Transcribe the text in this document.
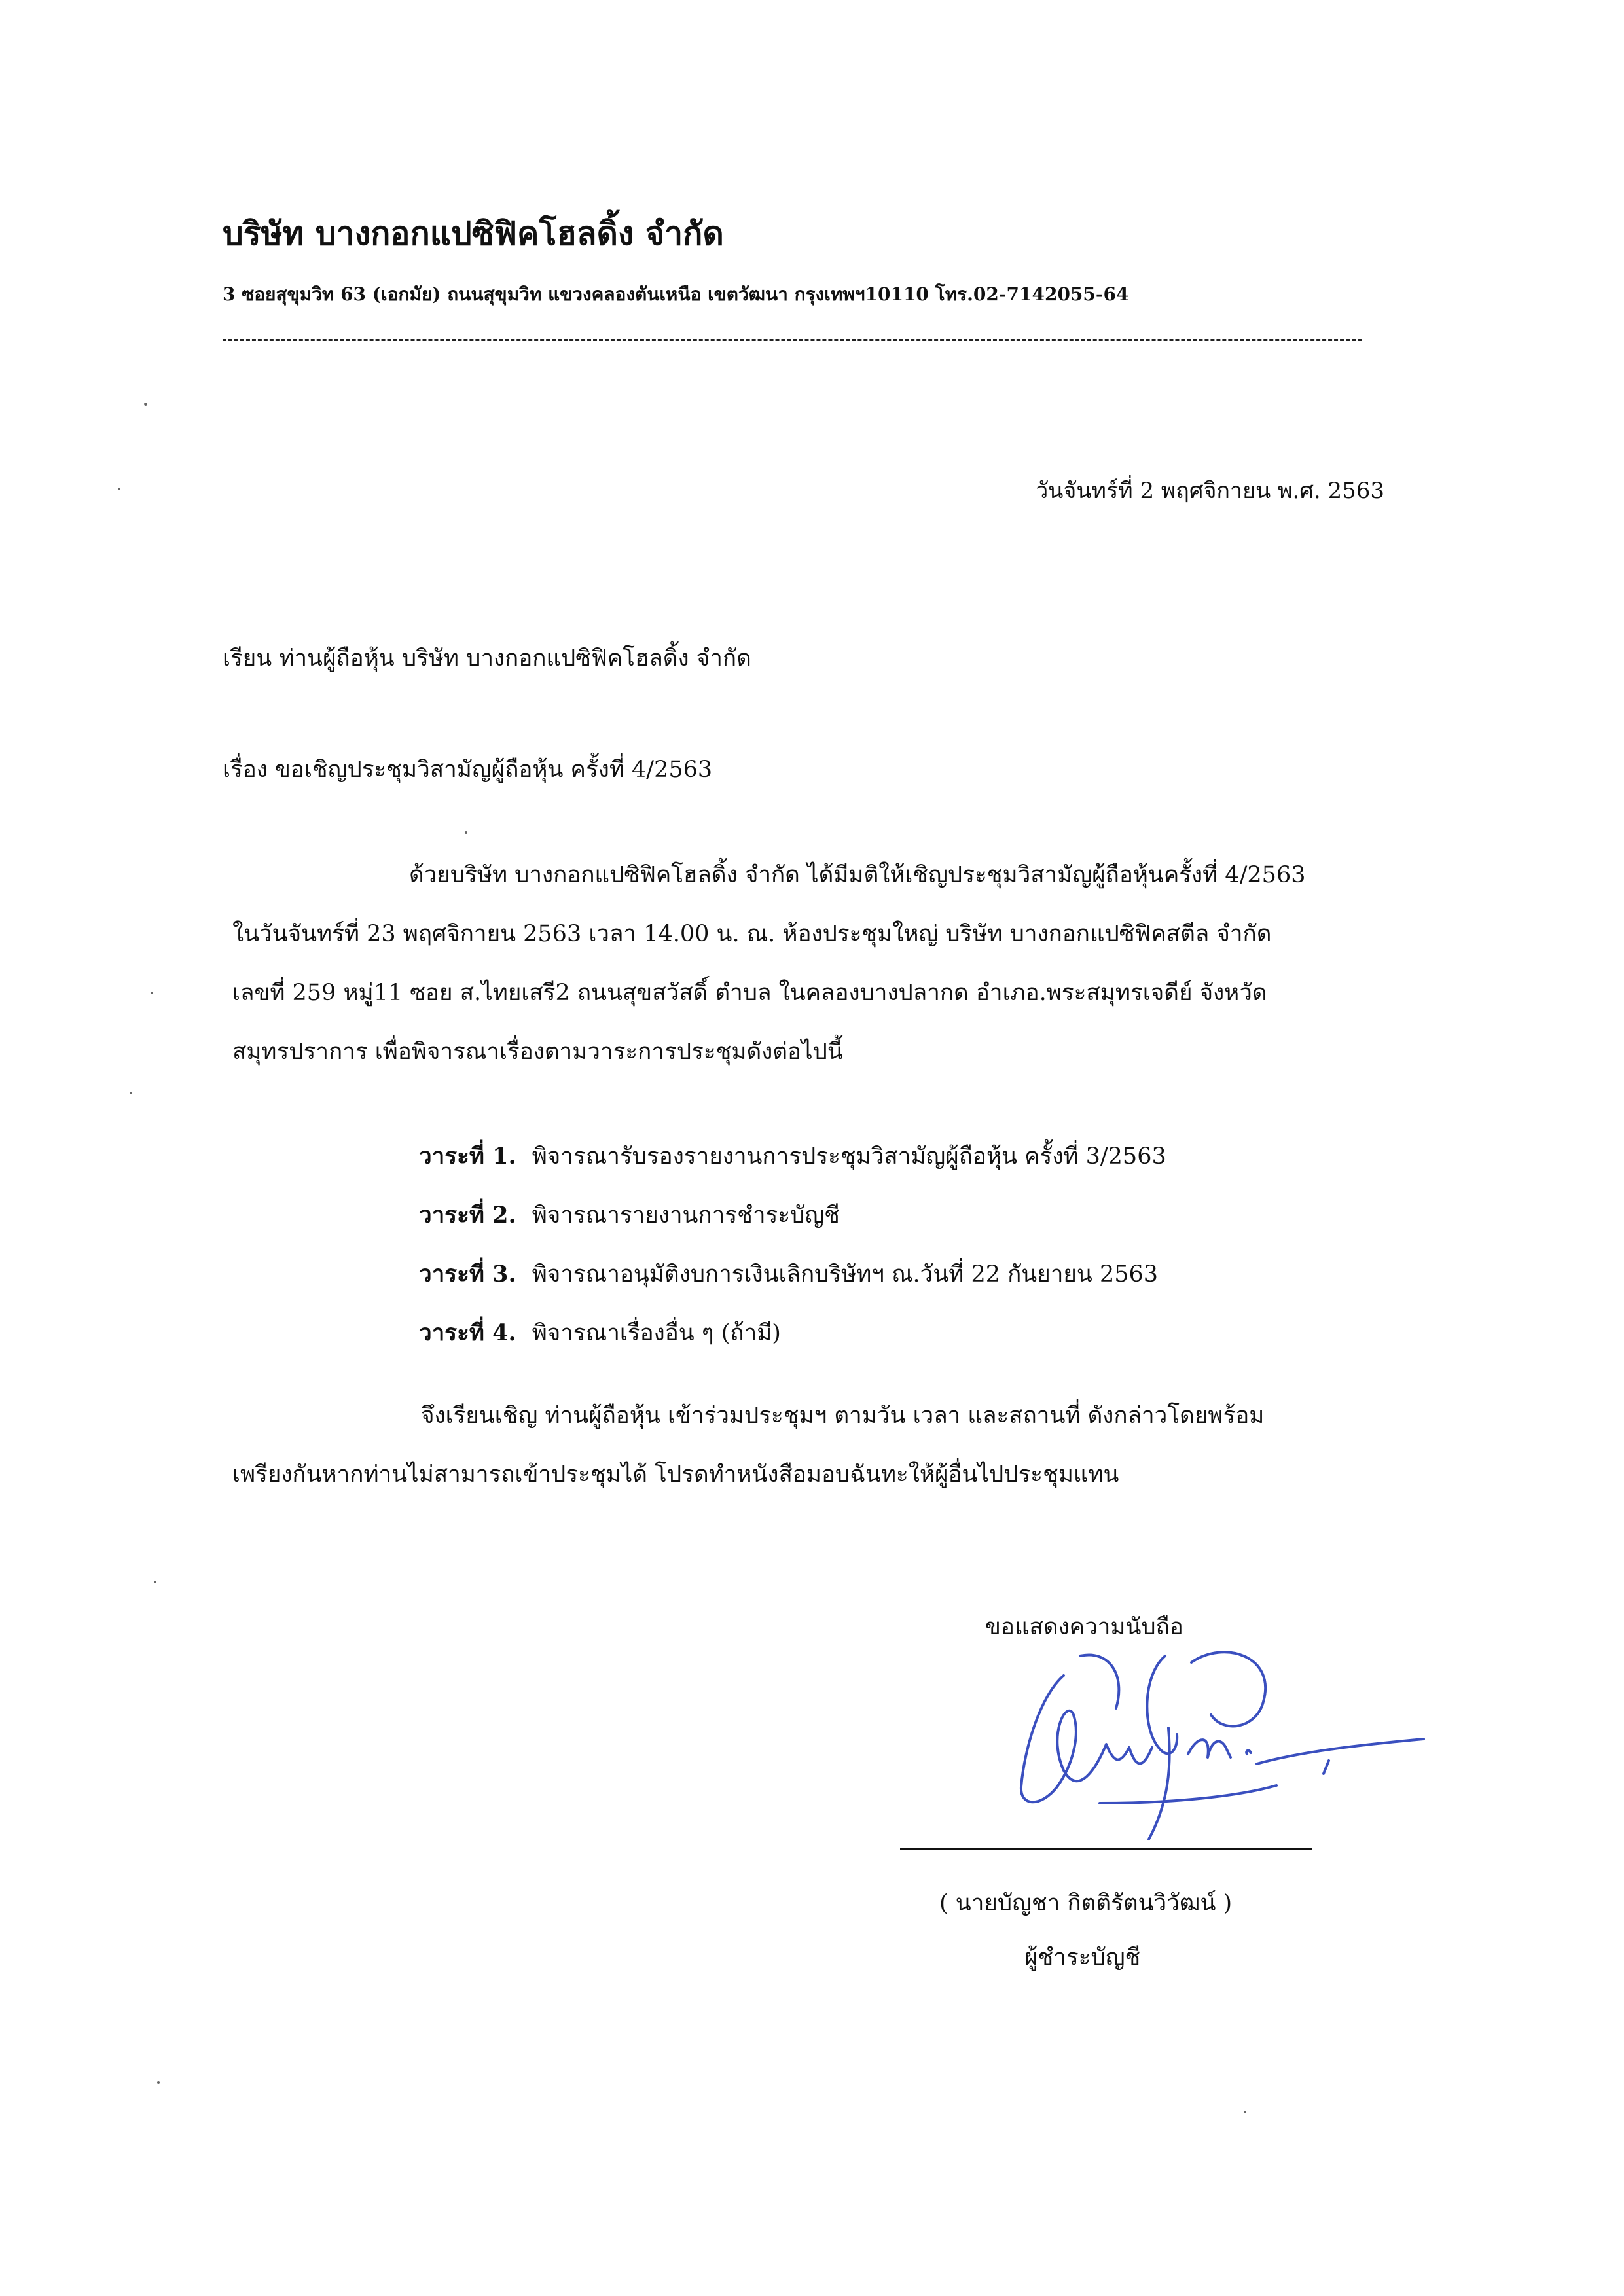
บริษัท บางกอกแปซิฟิคโฮลดิ้ง จำกัด
3 ซอยสุขุมวิท 63 (เอกมัย) ถนนสุขุมวิท แขวงคลองตันเหนือ เขตวัฒนา กรุงเทพฯ10110 โทร.02-7142055-64
วันจันทร์ที่ 2 พฤศจิกายน พ.ศ. 2563
เรียน ท่านผู้ถือหุ้น บริษัท บางกอกแปซิฟิคโฮลดิ้ง จำกัด
เรื่อง ขอเชิญประชุมวิสามัญผู้ถือหุ้น ครั้งที่ 4/2563
ด้วยบริษัท บางกอกแปซิฟิคโฮลดิ้ง จำกัด ได้มีมติให้เชิญประชุมวิสามัญผู้ถือหุ้นครั้งที่ 4/2563
ในวันจันทร์ที่ 23 พฤศจิกายน 2563 เวลา 14.00 น. ณ. ห้องประชุมใหญ่ บริษัท บางกอกแปซิฟิคสตีล จำกัด
เลขที่ 259 หมู่11 ซอย ส.ไทยเสรี2 ถนนสุขสวัสดิ์ ตำบล ในคลองบางปลากด อำเภอ.พระสมุทรเจดีย์ จังหวัด
สมุทรปราการ เพื่อพิจารณาเรื่องตามวาระการประชุมดังต่อไปนี้
วาระที่ 1. พิจารณารับรองรายงานการประชุมวิสามัญผู้ถือหุ้น ครั้งที่ 3/2563
วาระที่ 2. พิจารณารายงานการชำระบัญชี
วาระที่ 3. พิจารณาอนุมัติงบการเงินเลิกบริษัทฯ ณ.วันที่ 22 กันยายน 2563
วาระที่ 4. พิจารณาเรื่องอื่น ๆ (ถ้ามี)
จึงเรียนเชิญ ท่านผู้ถือหุ้น เข้าร่วมประชุมฯ ตามวัน เวลา และสถานที่ ดังกล่าวโดยพร้อม
เพรียงกันหากท่านไม่สามารถเข้าประชุมได้ โปรดทำหนังสือมอบฉันทะให้ผู้อื่นไปประชุมแทน
ขอแสดงความนับถือ
( นายบัญชา กิตติรัตนวิวัฒน์ )
ผู้ชำระบัญชี
